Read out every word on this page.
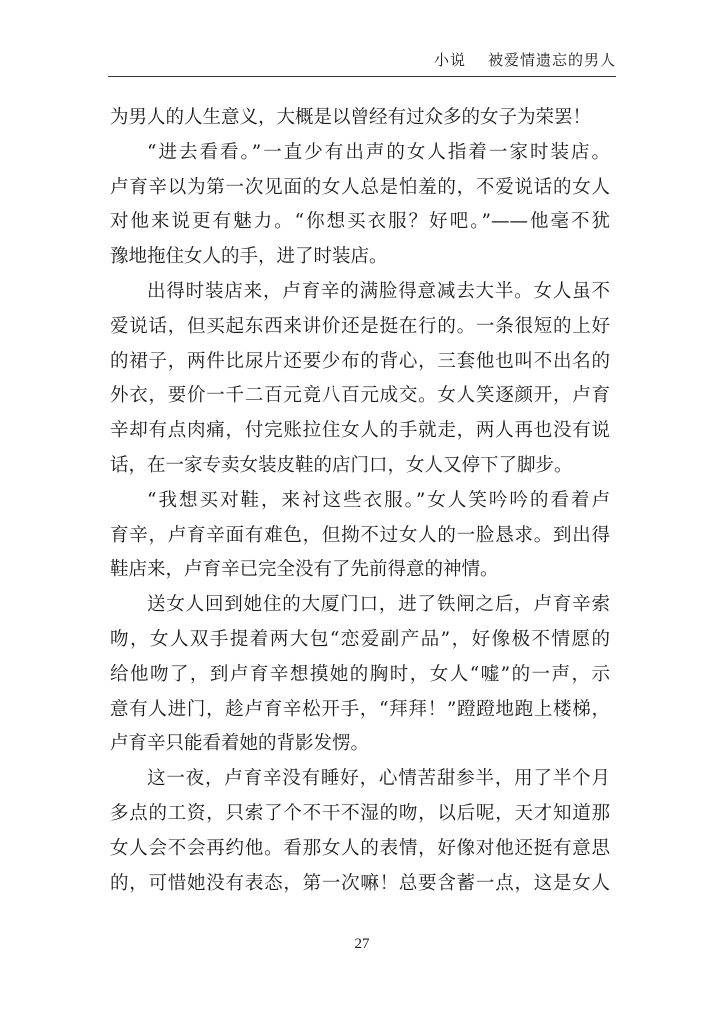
小说 被爱情遗忘的男人
为男人的人生意义，大概是以曾经有过众多的女子为荣罢！
“进去看看。”一直少有出声的女人指着一家时装店。
卢育辛以为第一次见面的女人总是怕羞的，不爱说话的女人
对他来说更有魅力。“你想买衣服？好吧。”——他毫不犹
豫地拖住女人的手，进了时装店。
出得时装店来，卢育辛的满脸得意减去大半。女人虽不
爱说话，但买起东西来讲价还是挺在行的。一条很短的上好
的裙子，两件比尿片还要少布的背心，三套他也叫不出名的
外衣，要价一千二百元竟八百元成交。女人笑逐颜开，卢育
辛却有点肉痛，付完账拉住女人的手就走，两人再也没有说
话，在一家专卖女装皮鞋的店门口，女人又停下了脚步。
“我想买对鞋，来衬这些衣服。”女人笑吟吟的看着卢
育辛，卢育辛面有难色，但拗不过女人的一脸恳求。到出得
鞋店来，卢育辛已完全没有了先前得意的神情。
送女人回到她住的大厦门口，进了铁闸之后，卢育辛索
吻，女人双手提着两大包“恋爱副产品”，好像极不情愿的
给他吻了，到卢育辛想摸她的胸时，女人“嘘”的一声，示
意有人进门，趁卢育辛松开手，“拜拜！”蹬蹬地跑上楼梯，
卢育辛只能看着她的背影发愣。
这一夜，卢育辛没有睡好，心情苦甜参半，用了半个月
多点的工资，只索了个不干不湿的吻，以后呢，天才知道那
女人会不会再约他。看那女人的表情，好像对他还挺有意思
的，可惜她没有表态，第一次嘛！总要含蓄一点，这是女人
27
